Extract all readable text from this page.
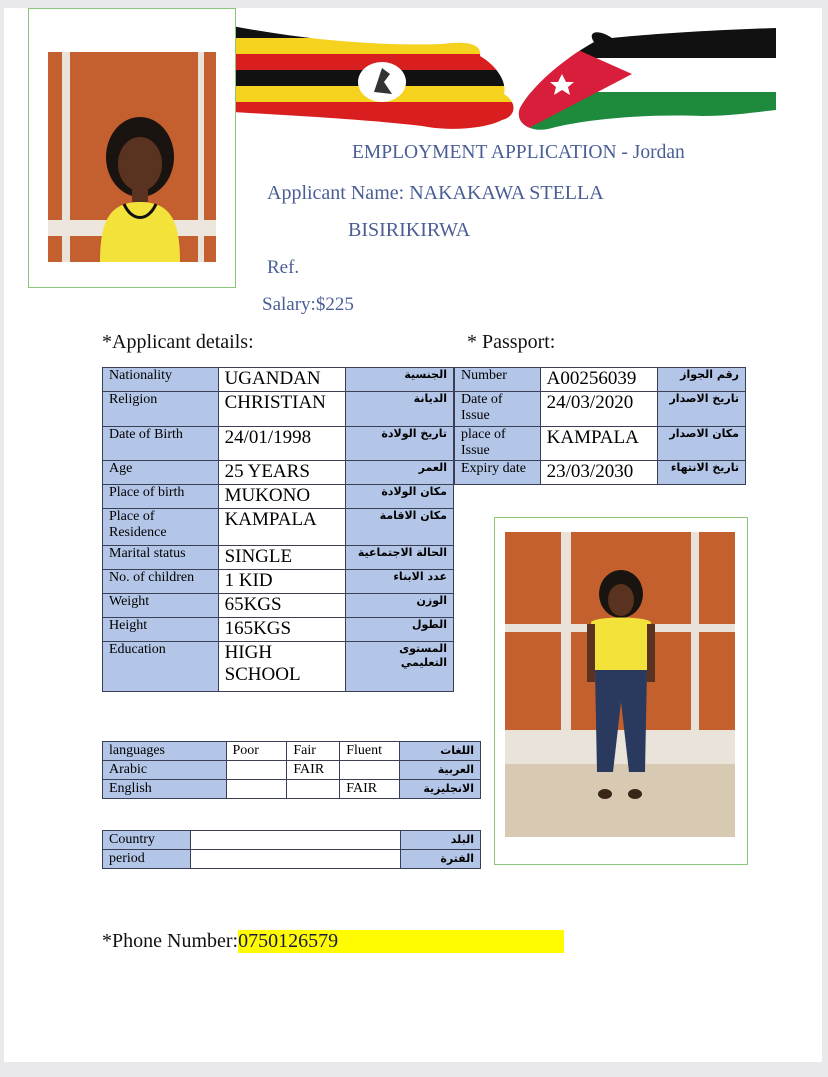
EMPLOYMENT APPLICATION - Jordan
Applicant Name: NAKAKAWA STELLA
BISIRIKIRWA
Ref.
Salary:$225
*Applicant details:	* Passport:
Nationality	UGANDAN	الجنسية
Religion	CHRISTIAN	الديانة
Date of Birth	24/01/1998	تاريخ الولادة
Age	25 YEARS	العمر
Place of birth	MUKONO	مكان الولادة
Place of Residence	KAMPALA	مكان الاقامة
Marital status	SINGLE	الحالة الاجتماعية
No. of children	1 KID	عدد الابناء
Weight	65KGS	الوزن
Height	165KGS	الطول
Education	HIGH SCHOOL	المستوى التعليمي
Number	A00256039	رقم الجواز
Date of Issue	24/03/2020	تاريخ الاصدار
place of Issue	KAMPALA	مكان الاصدار
Expiry date	23/03/2030	تاريخ الانتهاء
languages	Poor	Fair	Fluent	اللغات
Arabic		FAIR		العربية
English			FAIR	الانجليزية
Country		البلد
period		الفترة
*Phone Number:0750126579
